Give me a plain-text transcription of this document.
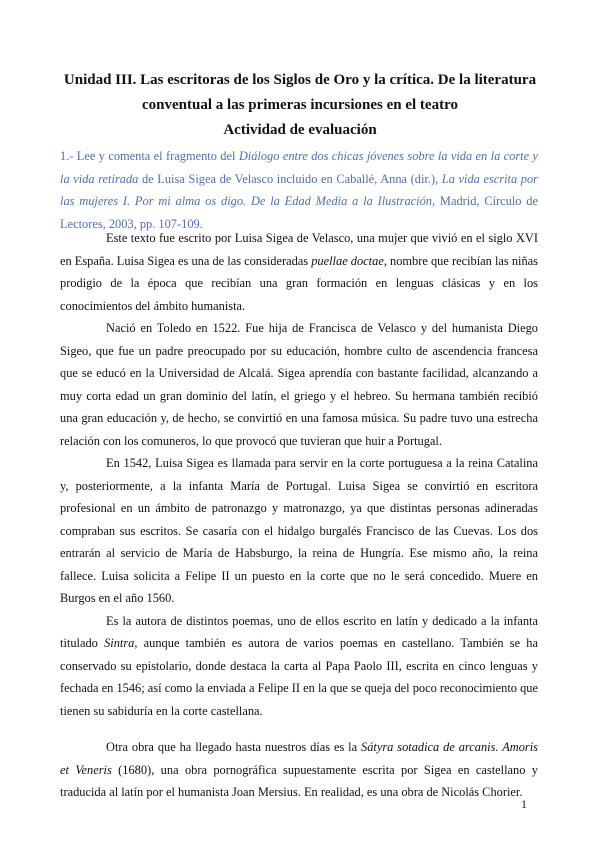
Unidad III. Las escritoras de los Siglos de Oro y la crítica. De la literatura
conventual a las primeras incursiones en el teatro
Actividad de evaluación
1.- Lee y comenta el fragmento del Diálogo entre dos chicas jóvenes sobre la vida en la corte y la vida retirada de Luisa Sigea de Velasco incluido en Caballé, Anna (dir.), La vida escrita por las mujeres I. Por mi alma os digo. De la Edad Media a la Ilustración, Madrid, Círculo de Lectores, 2003, pp. 107-109.

Este texto fue escrito por Luisa Sigea de Velasco, una mujer que vivió en el siglo XVI en España. Luisa Sigea es una de las consideradas puellae doctae, nombre que recibían las niñas prodigio de la época que recibían una gran formación en lenguas clásicas y en los conocimientos del ámbito humanista.

Nació en Toledo en 1522. Fue hija de Francisca de Velasco y del humanista Diego Sigeo, que fue un padre preocupado por su educación, hombre culto de ascendencia francesa que se educó en la Universidad de Alcalá. Sigea aprendía con bastante facilidad, alcanzando a muy corta edad un gran dominio del latín, el griego y el hebreo. Su hermana también recibió una gran educación y, de hecho, se convirtió en una famosa música. Su padre tuvo una estrecha relación con los comuneros, lo que provocó que tuvieran que huir a Portugal.

En 1542, Luisa Sigea es llamada para servir en la corte portuguesa a la reina Catalina y, posteriormente, a la infanta María de Portugal. Luisa Sigea se convirtió en escritora profesional en un ámbito de patronazgo y matronazgo, ya que distintas personas adineradas compraban sus escritos. Se casaría con el hidalgo burgalés Francisco de las Cuevas. Los dos entrarán al servicio de María de Habsburgo, la reina de Hungría. Ese mismo año, la reina fallece. Luisa solicita a Felipe II un puesto en la corte que no le será concedido. Muere en Burgos en el año 1560.

Es la autora de distintos poemas, uno de ellos escrito en latín y dedicado a la infanta titulado Sintra, aunque también es autora de varios poemas en castellano. También se ha conservado su epistolario, donde destaca la carta al Papa Paolo III, escrita en cinco lenguas y fechada en 1546; así como la enviada a Felipe II en la que se queja del poco reconocimiento que tienen su sabiduría en la corte castellana.

Otra obra que ha llegado hasta nuestros días es la Sátyra sotadica de arcanis. Amoris et Veneris (1680), una obra pornográfica supuestamente escrita por Sigea en castellano y traducida al latín por el humanista Joan Mersius. En realidad, es una obra de Nicolás Chorier.

1
